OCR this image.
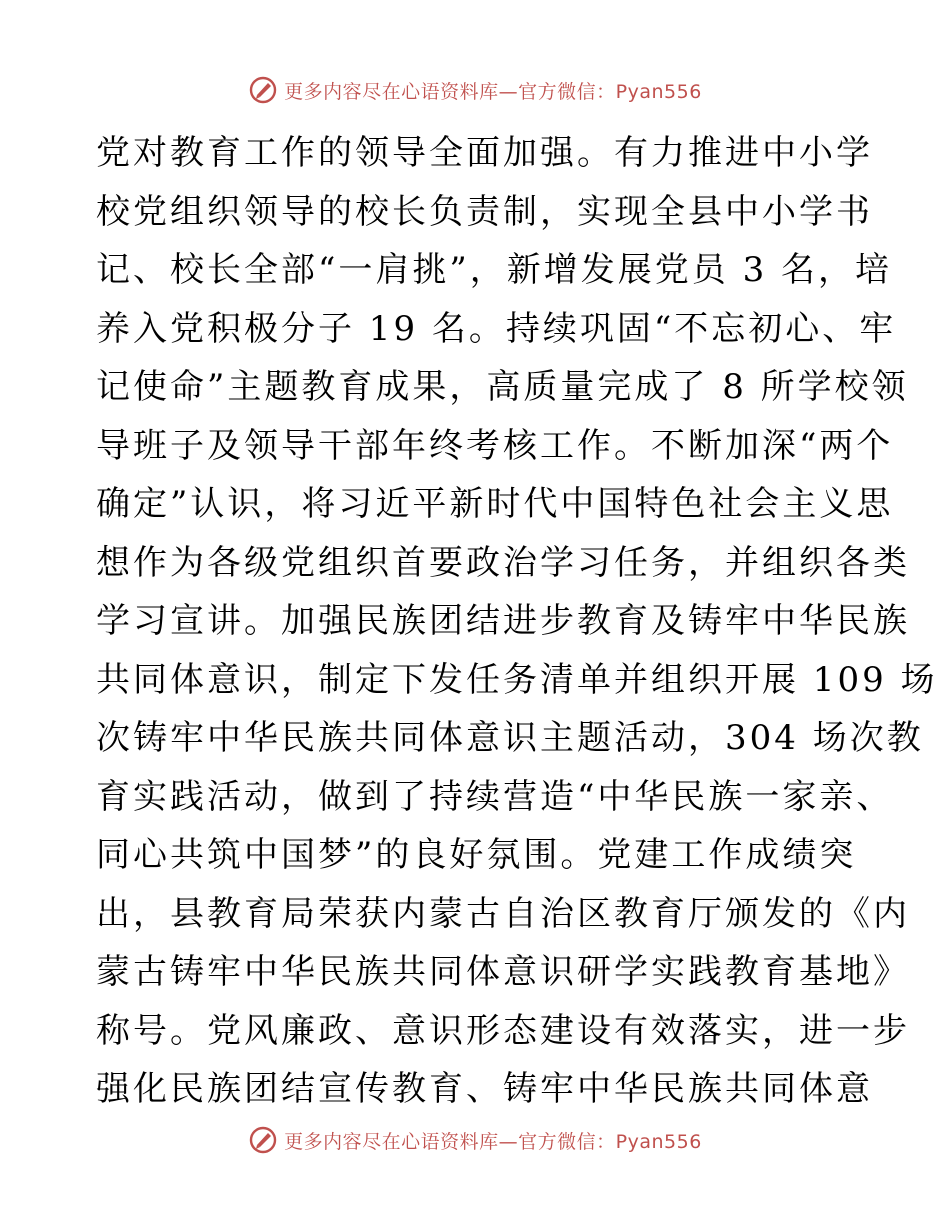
更多内容尽在心语资料库—官方微信：Pyan556
党对教育工作的领导全面加强。有力推进中小学
校党组织领导的校长负责制，实现全县中小学书
记、校长全部“一肩挑”，新增发展党员 3 名，培
养入党积极分子 19 名。持续巩固“不忘初心、牢
记使命”主题教育成果，高质量完成了 8 所学校领
导班子及领导干部年终考核工作。不断加深“两个
确定”认识，将习近平新时代中国特色社会主义思
想作为各级党组织首要政治学习任务，并组织各类
学习宣讲。加强民族团结进步教育及铸牢中华民族
共同体意识，制定下发任务清单并组织开展 109 场
次铸牢中华民族共同体意识主题活动，304 场次教
育实践活动，做到了持续营造“中华民族一家亲、
同心共筑中国梦”的良好氛围。党建工作成绩突
出，县教育局荣获内蒙古自治区教育厅颁发的《内
蒙古铸牢中华民族共同体意识研学实践教育基地》
称号。党风廉政、意识形态建设有效落实，进一步
强化民族团结宣传教育、铸牢中华民族共同体意
更多内容尽在心语资料库—官方微信：Pyan556
